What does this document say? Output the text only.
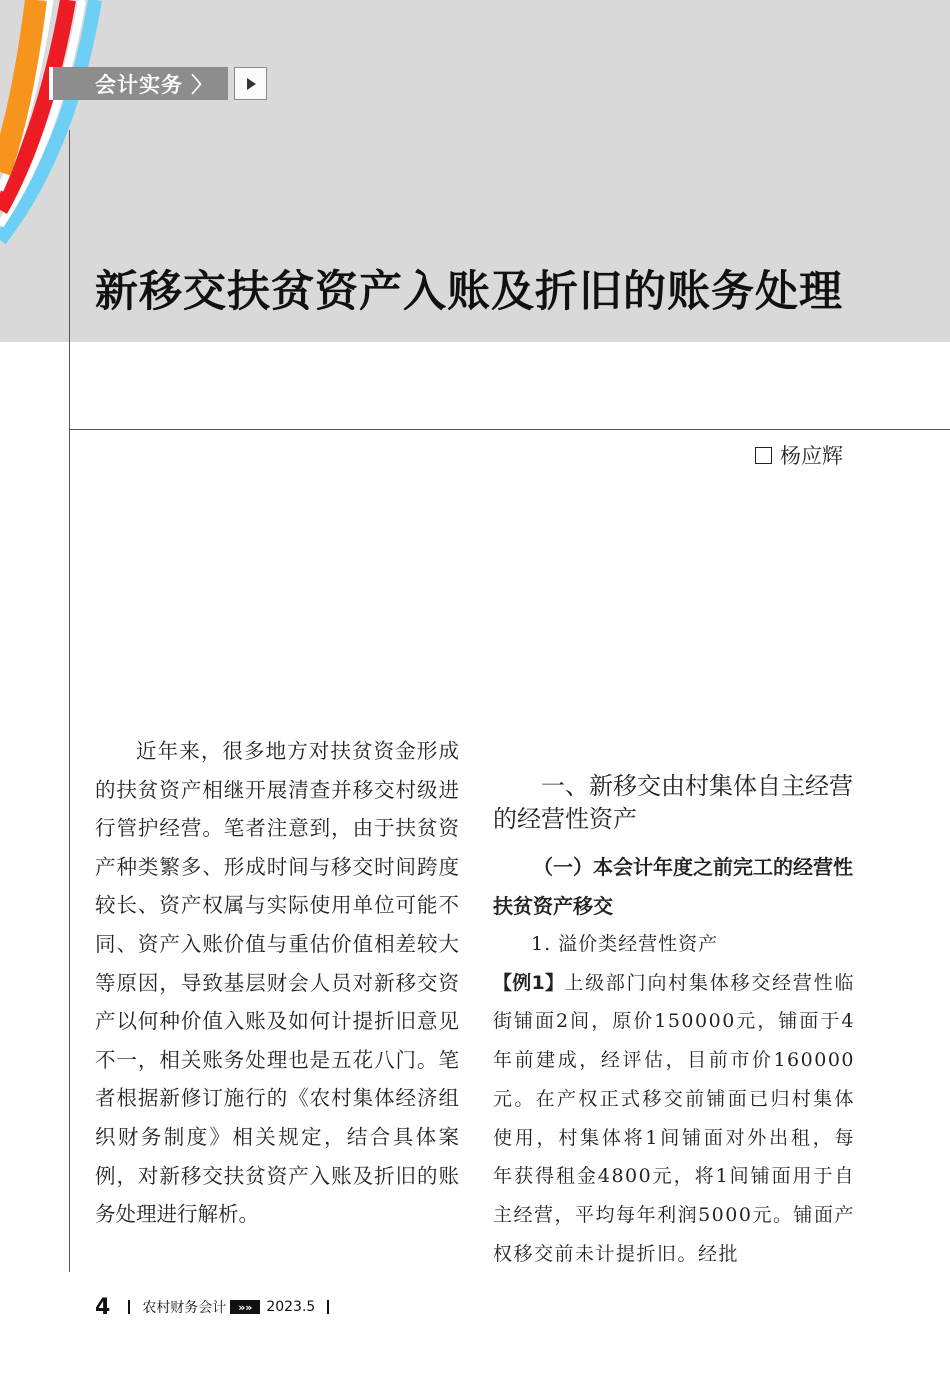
会计实务 〉
新移交扶贫资产入账及折旧的账务处理
杨应辉
近年来，很多地方对扶贫资金形成的扶贫资产相继开展清查并移交村级进行管护经营。笔者注意到，由于扶贫资产种类繁多、形成时间与移交时间跨度较长、资产权属与实际使用单位可能不同、资产入账价值与重估价值相差较大等原因，导致基层财会人员对新移交资产以何种价值入账及如何计提折旧意见不一，相关账务处理也是五花八门。笔者根据新修订施行的《农村集体经济组织财务制度》相关规定，结合具体案例，对新移交扶贫资产入账及折旧的账务处理进行解析。

一、新移交由村集体自主经营的经营性资产

（一）本会计年度之前完工的经营性扶贫资产移交

1. 溢价类经营性资产

【例1】上级部门向村集体移交经营性临街铺面2间，原价150000元，铺面于4年前建成，经评估，目前市价160000元。在产权正式移交前铺面已归村集体使用，村集体将1间铺面对外出租，每年获得租金4800元，将1间铺面用于自主经营，平均每年利润5000元。铺面产权移交前未计提折旧。经批

4 农村财务会计	»» 2023.5
